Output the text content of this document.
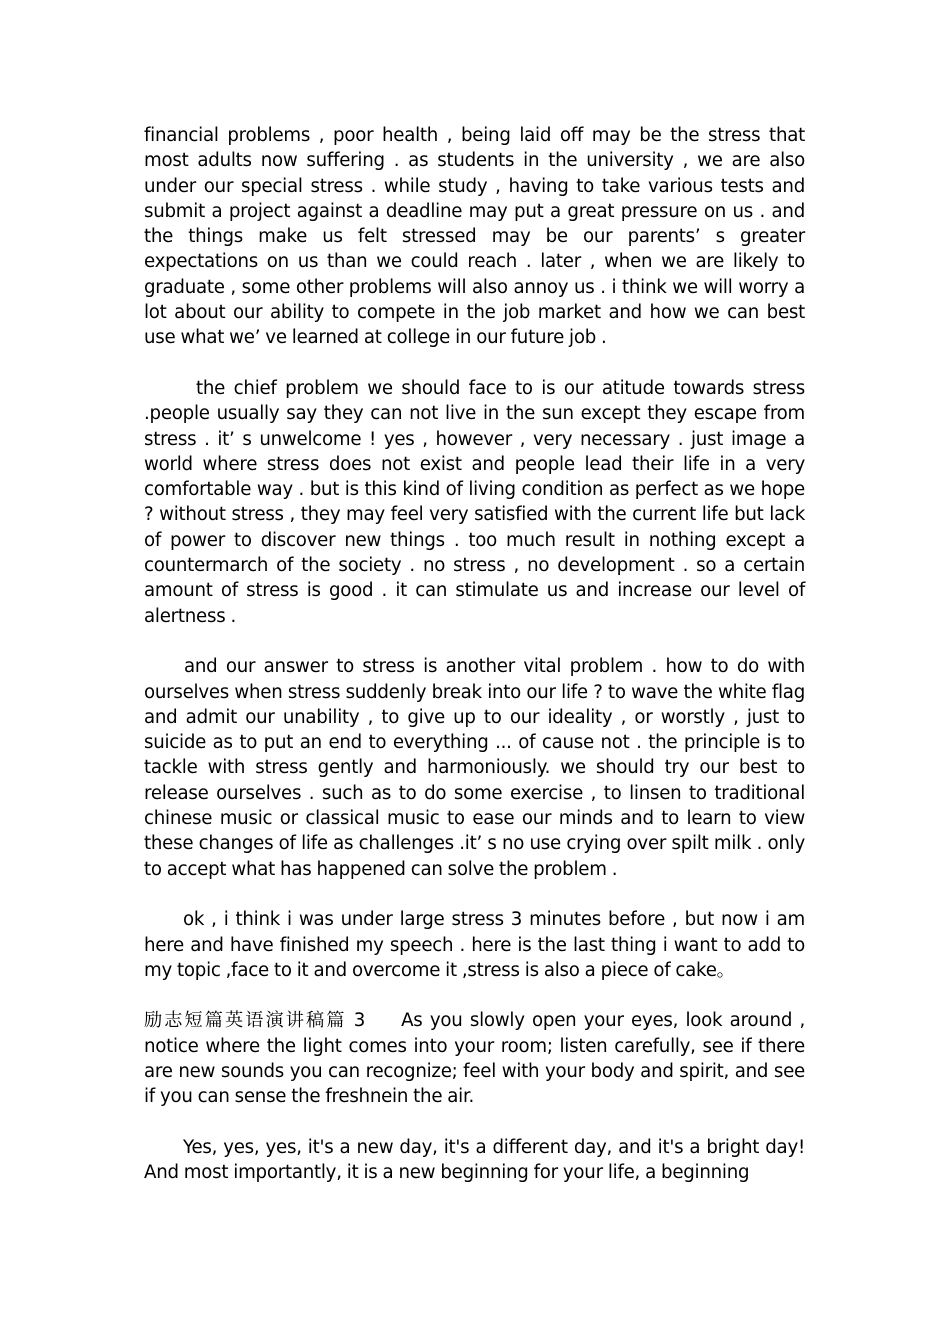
financial problems , poor health , being laid off may be the stress that most adults now suffering . as students in the university , we are also under our special stress . while study , having to take various tests and submit a project against a deadline may put a great pressure on us . and the things make us felt stressed may be our parents’ s greater expectations on us than we could reach . later , when we are likely to graduate , some other problems will also annoy us . i think we will worry a lot about our ability to compete in the job market and how we can best use what we’ ve learned at college in our future job .

the chief problem we should face to is our atitude towards stress .people usually say they can not live in the sun except they escape from stress . it’ s unwelcome ! yes , however , very necessary . just image a world where stress does not exist and people lead their life in a very comfortable way . but is this kind of living condition as perfect as we hope ? without stress , they may feel very satisfied with the current life but lack of power to discover new things . too much result in nothing except a countermarch of the society . no stress , no development . so a certain amount of stress is good . it can stimulate us and increase our level of alertness .

and our answer to stress is another vital problem . how to do with ourselves when stress suddenly break into our life ? to wave the white flag and admit our unability , to give up to our ideality , or worstly , just to suicide as to put an end to everything ... of cause not . the principle is to tackle with stress gently and harmoniously. we should try our best to release ourselves . such as to do some exercise , to linsen to traditional chinese music or classical music to ease our minds and to learn to view these changes of life as challenges .it’ s no use crying over spilt milk . only to accept what has happened can solve the problem .

ok , i think i was under large stress 3 minutes before , but now i am here and have finished my speech . here is the last thing i want to add to my topic ,face to it and overcome it ,stress is also a piece of cake。

励志短篇英语演讲稿篇 3 As you slowly open your eyes, look around , notice where the light comes into your room; listen carefully, see if there are new sounds you can recognize; feel with your body and spirit, and see if you can sense the freshnein the air.

Yes, yes, yes, it's a new day, it's a different day, and it's a bright day! And most importantly, it is a new beginning for your life, a beginning
